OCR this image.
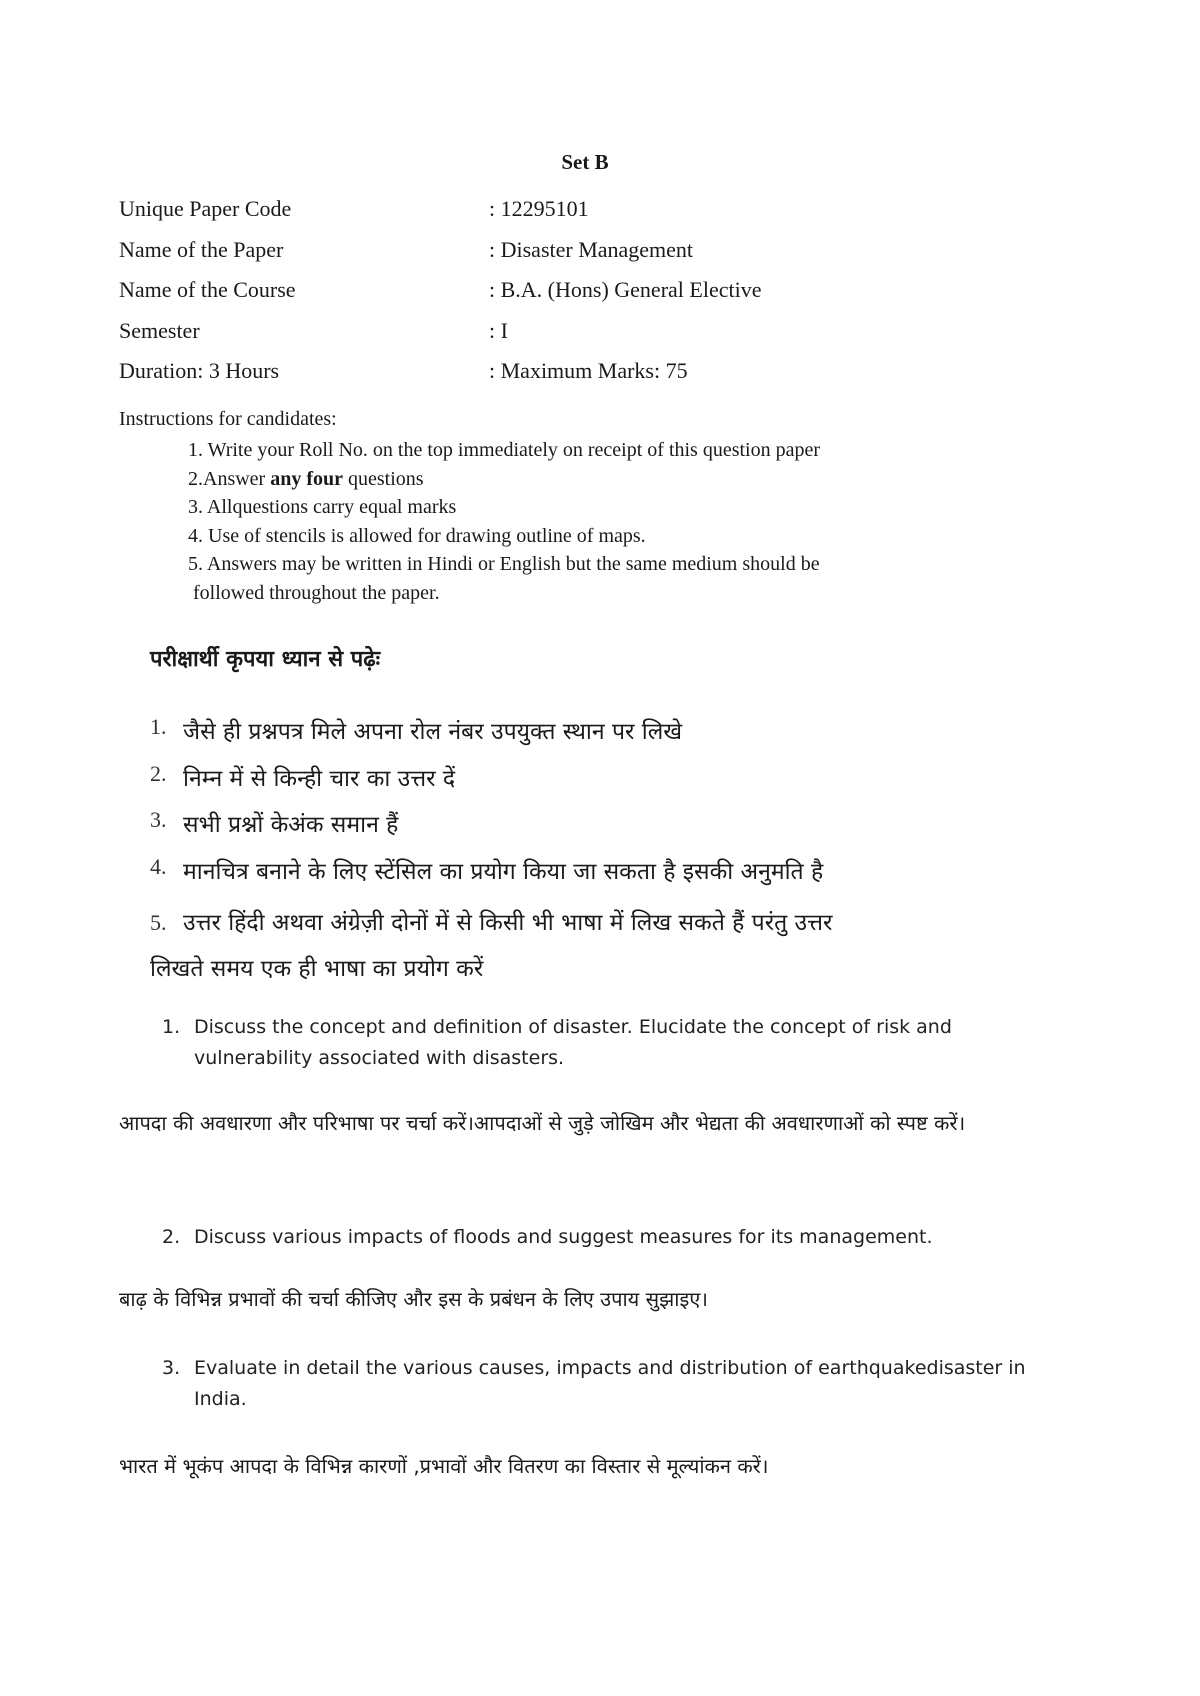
Set B
Unique Paper Code	: 12295101
Name of the Paper	: Disaster Management
Name of the Course	: B.A. (Hons) General Elective
Semester	: I
Duration: 3 Hours	: Maximum Marks: 75
Instructions for candidates:
1. Write your Roll No. on the top immediately on receipt of this question paper
2.Answer any four questions
3. Allquestions carry equal marks
4. Use of stencils is allowed for drawing outline of maps.
5. Answers may be written in Hindi or English but the same medium should be
followed throughout the paper.
परीक्षार्थी कृपया ध्यान से पढ़ेः
1. जैसे ही प्रश्नपत्र मिले अपना रोल नंबर उपयुक्त स्थान पर लिखे
2. निम्न में से किन्ही चार का उत्तर दें
3. सभी प्रश्नों केअंक समान हैं
4. मानचित्र बनाने के लिए स्टेंसिल का प्रयोग किया जा सकता है इसकी अनुमति है
5. उत्तर हिंदी अथवा अंग्रेज़ी दोनों में से किसी भी भाषा में लिख सकते हैं परंतु उत्तर
लिखते समय एक ही भाषा का प्रयोग करें
1. Discuss the concept and definition of disaster. Elucidate the concept of risk and vulnerability associated with disasters.
आपदा की अवधारणा और परिभाषा पर चर्चा करें।आपदाओं से जुड़े जोखिम और भेद्यता की अवधारणाओं को स्पष्ट करें।
2. Discuss various impacts of floods and suggest measures for its management.
बाढ़ के विभिन्न प्रभावों की चर्चा कीजिए और इस के प्रबंधन के लिए उपाय सुझाइए।
3. Evaluate in detail the various causes, impacts and distribution of earthquakedisaster in India.
भारत में भूकंप आपदा के विभिन्न कारणों ,प्रभावों और वितरण का विस्तार से मूल्यांकन करें।
